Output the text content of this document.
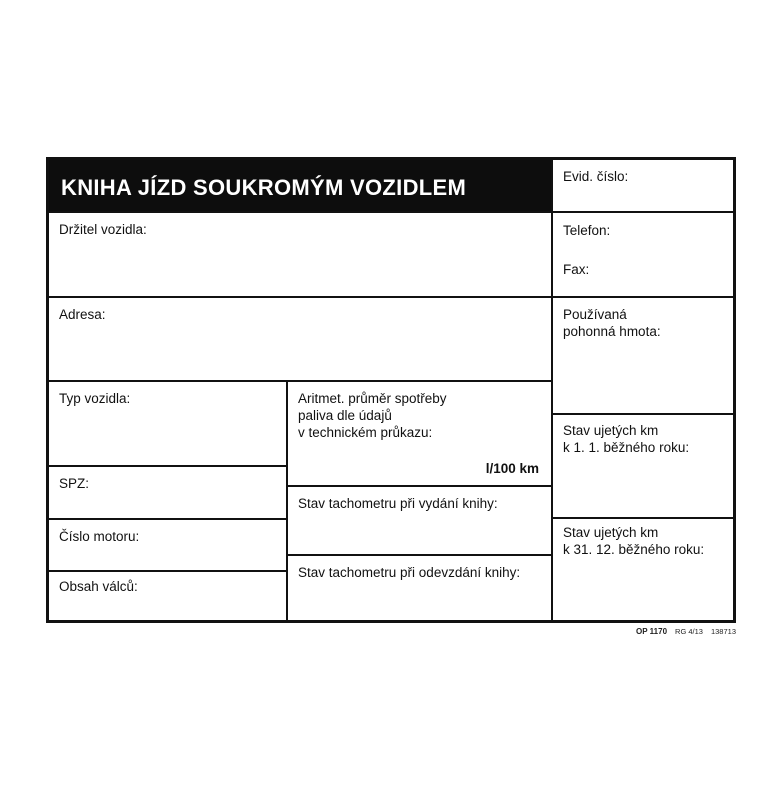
KNIHA JÍZD SOUKROMÝM VOZIDLEM	Evid. číslo:
Telefon:
Fax:
Používaná
pohonná hmota:
Stav ujetých km
k 1. 1. běžného roku:
Stav ujetých km
k 31. 12. běžného roku:
Držitel vozidla:
Adresa:
Typ vozidla:
SPZ:
Číslo motoru:
Obsah válců:
Aritmet. průměr spotřeby
paliva dle údajů
v technickém průkazu:
l/100 km
Stav tachometru při vydání knihy:
Stav tachometru při odevzdání knihy:
OP 1170 RG 4/13 138713
